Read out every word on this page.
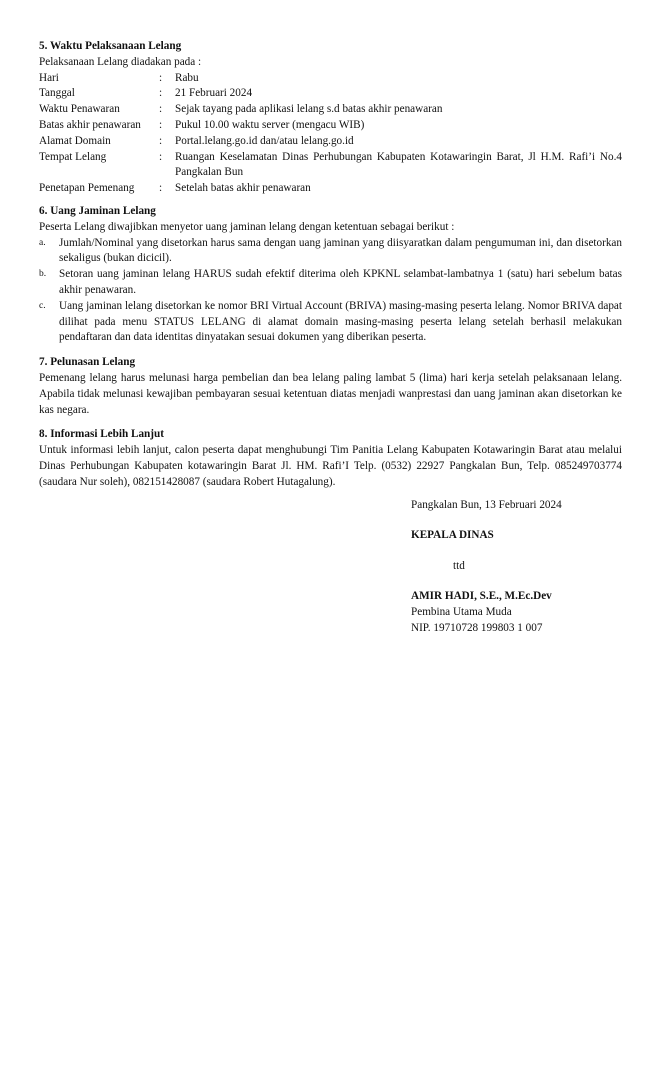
5. Waktu Pelaksanaan Lelang

Pelaksanaan Lelang diadakan pada :

Hari	:	Rabu
Tanggal	:	21 Februari 2024
Waktu Penawaran	:	Sejak tayang pada aplikasi lelang s.d batas akhir penawaran
Batas akhir penawaran	:	Pukul 10.00 waktu server (mengacu WIB)
Alamat Domain	:	Portal.lelang.go.id dan/atau lelang.go.id
Tempat Lelang	:	Ruangan Keselamatan Dinas Perhubungan Kabupaten Kotawaringin Barat, Jl H.M. Rafi’i No.4 Pangkalan Bun
Penetapan Pemenang	:	Setelah batas akhir penawaran

6. Uang Jaminan Lelang

Peserta Lelang diwajibkan menyetor uang jaminan lelang dengan ketentuan sebagai berikut :

a.	Jumlah/Nominal yang disetorkan harus sama dengan uang jaminan yang diisyaratkan dalam pengumuman ini, dan disetorkan sekaligus (bukan dicicil).
b.	Setoran uang jaminan lelang HARUS sudah efektif diterima oleh KPKNL selambat-lambatnya 1 (satu) hari sebelum batas akhir penawaran.
c.	Uang jaminan lelang disetorkan ke nomor BRI Virtual Account (BRIVA) masing-masing peserta lelang. Nomor BRIVA dapat dilihat pada menu STATUS LELANG di alamat domain masing-masing peserta lelang setelah berhasil melakukan pendaftaran dan data identitas dinyatakan sesuai dokumen yang diberikan peserta.

7. Pelunasan Lelang

Pemenang lelang harus melunasi harga pembelian dan bea lelang paling lambat 5 (lima) hari kerja setelah pelaksanaan lelang. Apabila tidak melunasi kewajiban pembayaran sesuai ketentuan diatas menjadi wanprestasi dan uang jaminan akan disetorkan ke kas negara.

8. Informasi Lebih Lanjut

Untuk informasi lebih lanjut, calon peserta dapat menghubungi Tim Panitia Lelang Kabupaten Kotawaringin Barat atau melalui Dinas Perhubungan Kabupaten kotawaringin Barat Jl. HM. Rafi’I Telp. (0532) 22927 Pangkalan Bun, Telp. 085249703774 (saudara Nur soleh), 082151428087 (saudara Robert Hutagalung).

Pangkalan Bun, 13 Februari 2024

KEPALA DINAS

ttd

AMIR HADI, S.E., M.Ec.Dev

Pembina Utama Muda

NIP. 19710728 199803 1 007
